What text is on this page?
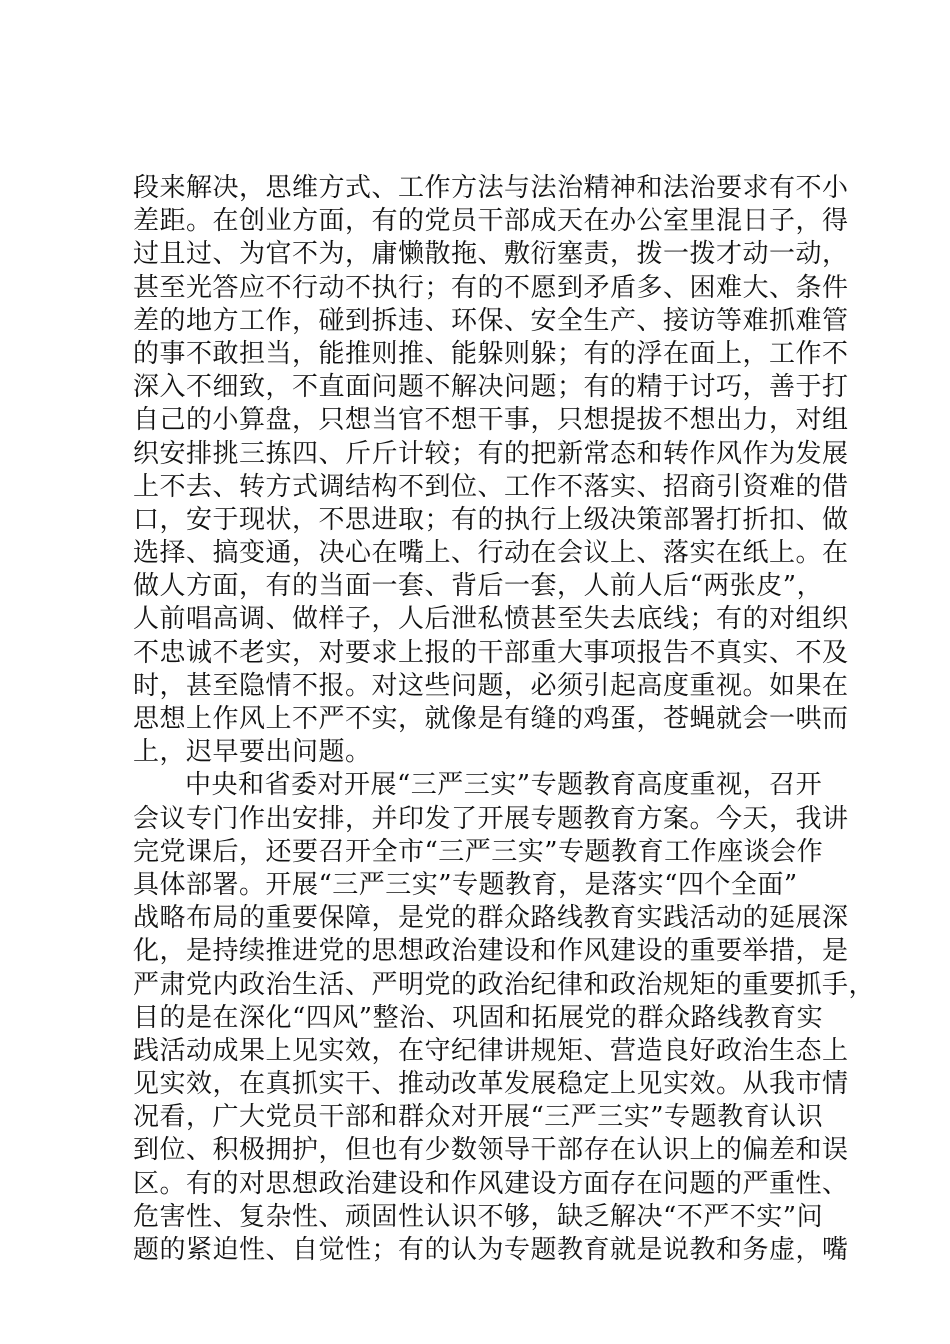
段来解决，思维方式、工作方法与法治精神和法治要求有不小
差距。在创业方面，有的党员干部成天在办公室里混日子，得
过且过、为官不为，庸懒散拖、敷衍塞责，拨一拨才动一动，
甚至光答应不行动不执行；有的不愿到矛盾多、困难大、条件
差的地方工作，碰到拆违、环保、安全生产、接访等难抓难管
的事不敢担当，能推则推、能躲则躲；有的浮在面上，工作不
深入不细致，不直面问题不解决问题；有的精于讨巧，善于打
自己的小算盘，只想当官不想干事，只想提拔不想出力，对组
织安排挑三拣四、斤斤计较；有的把新常态和转作风作为发展
上不去、转方式调结构不到位、工作不落实、招商引资难的借
口，安于现状，不思进取；有的执行上级决策部署打折扣、做
选择、搞变通，决心在嘴上、行动在会议上、落实在纸上。在
做人方面，有的当面一套、背后一套，人前人后“两张皮”，
人前唱高调、做样子，人后泄私愤甚至失去底线；有的对组织
不忠诚不老实，对要求上报的干部重大事项报告不真实、不及
时，甚至隐情不报。对这些问题，必须引起高度重视。如果在
思想上作风上不严不实，就像是有缝的鸡蛋，苍蝇就会一哄而
上，迟早要出问题。
中央和省委对开展“三严三实”专题教育高度重视，召开
会议专门作出安排，并印发了开展专题教育方案。今天，我讲
完党课后，还要召开全市“三严三实”专题教育工作座谈会作
具体部署。开展“三严三实”专题教育，是落实“四个全面”
战略布局的重要保障，是党的群众路线教育实践活动的延展深
化，是持续推进党的思想政治建设和作风建设的重要举措，是
严肃党内政治生活、严明党的政治纪律和政治规矩的重要抓手，
目的是在深化“四风”整治、巩固和拓展党的群众路线教育实
践活动成果上见实效，在守纪律讲规矩、营造良好政治生态上
见实效，在真抓实干、推动改革发展稳定上见实效。从我市情
况看，广大党员干部和群众对开展“三严三实”专题教育认识
到位、积极拥护，但也有少数领导干部存在认识上的偏差和误
区。有的对思想政治建设和作风建设方面存在问题的严重性、
危害性、复杂性、顽固性认识不够，缺乏解决“不严不实”问
题的紧迫性、自觉性；有的认为专题教育就是说教和务虚，嘴
